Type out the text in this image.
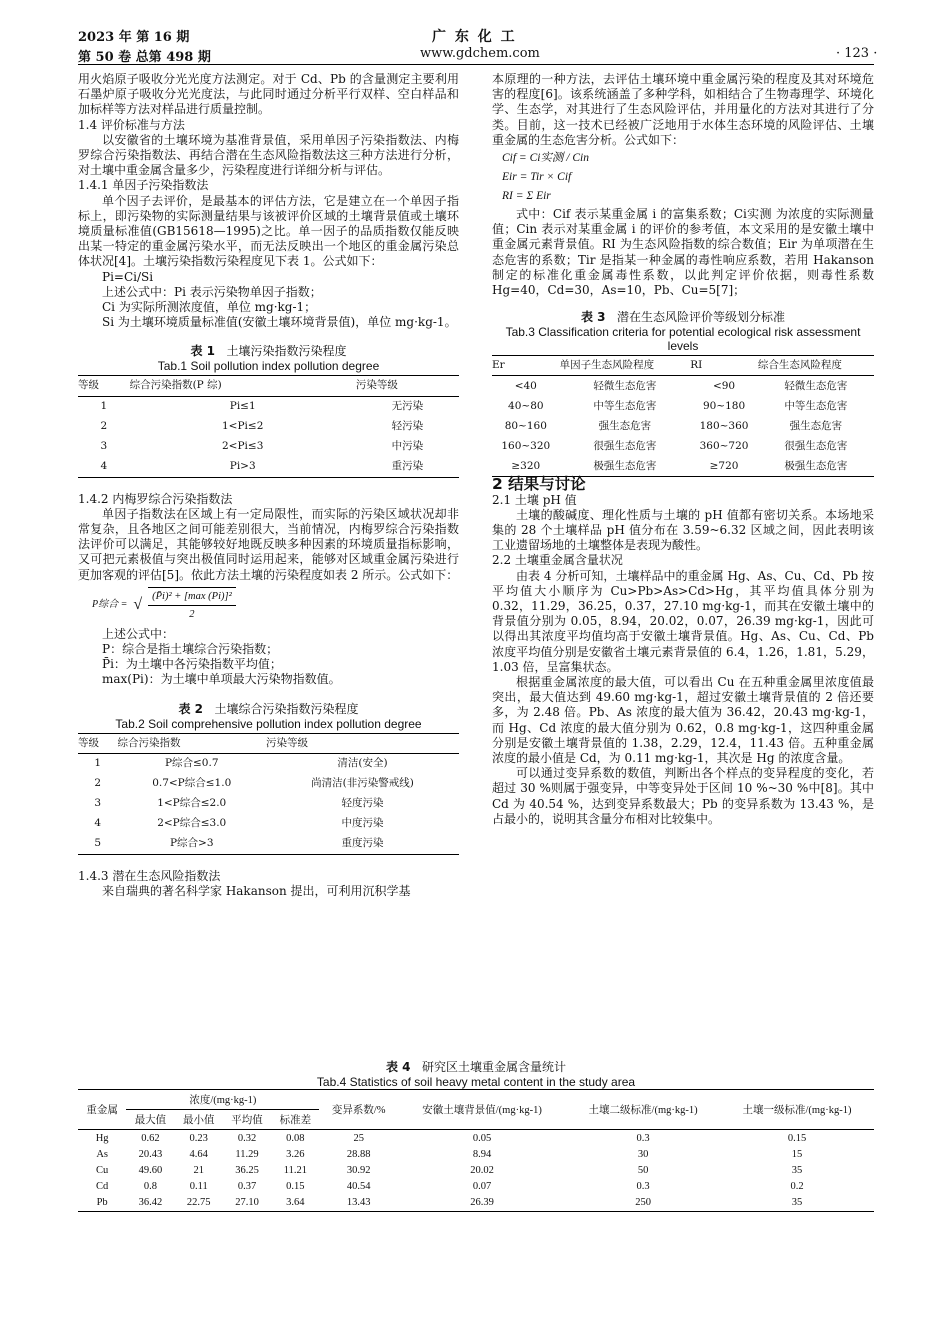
2023 年 第 16 期
第 50 卷 总第 498 期
广 东 化 工
www.gdchem.com	· 123 ·

用火焰原子吸收分光光度方法测定。对于 Cd、Pb 的含量测定主要利用石墨炉原子吸收分光光度法，与此同时通过分析平行双样、空白样品和加标样等方法对样品进行质量控制。

1.4 评价标准与方法

以安徽省的土壤环境为基准背景值，采用单因子污染指数法、内梅罗综合污染指数法、再结合潜在生态风险指数法这三种方法进行分析，对土壤中重金属含量多少，污染程度进行详细分析与评估。

1.4.1 单因子污染指数法

单个因子去评价，是最基本的评估方法，它是建立在一个单因子指标上，即污染物的实际测量结果与该被评价区域的土壤背景值或土壤环境质量标准值(GB15618—1995)之比。单一因子的品质指数仅能反映出某一特定的重金属污染水平，而无法反映出一个地区的重金属污染总体状况[4]。土壤污染指数污染程度见下表 1。公式如下：

Pi=Ci/Si

上述公式中：Pi 表示污染物单因子指数；

Ci 为实际所测浓度值，单位 mg·kg-1；

Si 为土壤环境质量标准值(安徽土壤环境背景值)，单位 mg·kg-1。

表 1 土壤污染指数污染程度
Tab.1 Soil pollution index pollution degree
等级	综合污染指数(P 综)	污染等级
1	Pi≤1	无污染
2	1<Pi≤2	轻污染
3	2<Pi≤3	中污染
4	Pi>3	重污染

1.4.2 内梅罗综合污染指数法

单因子指数法在区域上有一定局限性，而实际的污染区域状况却非常复杂，且各地区之间可能差别很大，当前情况，内梅罗综合污染指数法评价可以满足，其能够较好地既反映多种因素的环境质量指标影响，又可把元素极值与突出极值同时运用起来，能够对区域重金属污染进行更加客观的评估[5]。依此方法土壤的污染程度如表 2 所示。公式如下：

P综合 = √ (P̄i)² + [max (Pi)]²
2

上述公式中：

P：综合是指土壤综合污染指数；

P̄i：为土壤中各污染指数平均值；

max(Pi)：为土壤中单项最大污染物指数值。

表 2 土壤综合污染指数污染程度
Tab.2 Soil comprehensive pollution index pollution degree
等级	综合污染指数	污染等级
1	P综合≤0.7	清洁(安全)
2	0.7<P综合≤1.0	尚清洁(非污染警戒线)
3	1<P综合≤2.0	轻度污染
4	2<P综合≤3.0	中度污染
5	P综合>3	重度污染

1.4.3 潜在生态风险指数法

来自瑞典的著名科学家 Hakanson 提出，可利用沉积学基

本原理的一种方法，去评估土壤环境中重金属污染的程度及其对环境危害的程度[6]。该系统涵盖了多种学科，如相结合了生物毒理学、环境化学、生态学，对其进行了生态风险评估，并用量化的方法对其进行了分类。目前，这一技术已经被广泛地用于水体生态环境的风险评估、土壤重金属的生态危害分析。公式如下：

Cif = Ci实测 / Cin
Eir = Tir × Cif
RI = Σ Eir

式中：Cif 表示某重金属 i 的富集系数；Ci实测 为浓度的实际测量值；Cin 表示对某重金属 i 的评价的参考值，本文采用的是安徽土壤中重金属元素背景值。RI 为生态风险指数的综合数值；Eir 为单项潜在生态危害的系数；Tir 是指某一种金属的毒性响应系数，若用 Hakanson 制定的标准化重金属毒性系数，以此判定评价依据，则毒性系数 Hg=40，Cd=30，As=10，Pb、Cu=5[7]；

表 3 潜在生态风险评价等级划分标准
Tab.3 Classification criteria for potential ecological risk assessment levels
Er	单因子生态风险程度	RI	综合生态风险程度
<40	轻微生态危害	<90	轻微生态危害
40~80	中等生态危害	90~180	中等生态危害
80~160	强生态危害	180~360	强生态危害
160~320	很强生态危害	360~720	很强生态危害
≥320	极强生态危害	≥720	极强生态危害

2 结果与讨论

2.1 土壤 pH 值

土壤的酸碱度、理化性质与土壤的 pH 值都有密切关系。本场地采集的 28 个土壤样品 pH 值分布在 3.59~6.32 区域之间，因此表明该工业遗留场地的土壤整体是表现为酸性。

2.2 土壤重金属含量状况

由表 4 分析可知，土壤样品中的重金属 Hg、As、Cu、Cd、Pb 按平均值大小顺序为 Cu>Pb>As>Cd>Hg，其平均值具体分别为 0.32，11.29，36.25，0.37，27.10 mg·kg-1，而其在安徽土壤中的背景值分别为 0.05，8.94，20.02，0.07，26.39 mg·kg-1，因此可以得出其浓度平均值均高于安徽土壤背景值。Hg、As、Cu、Cd、Pb 浓度平均值分别是安徽省土壤元素背景值的 6.4，1.26，1.81，5.29，1.03 倍，呈富集状态。

根据重金属浓度的最大值，可以看出 Cu 在五种重金属里浓度值最突出，最大值达到 49.60 mg·kg-1，超过安徽土壤背景值的 2 倍还要多，为 2.48 倍。Pb、As 浓度的最大值为 36.42，20.43 mg·kg-1，而 Hg、Cd 浓度的最大值分别为 0.62，0.8 mg·kg-1，这四种重金属分别是安徽土壤背景值的 1.38，2.29，12.4，11.43 倍。五种重金属浓度的最小值是 Cd，为 0.11 mg·kg-1，其次是 Hg 的浓度含量。

可以通过变异系数的数值，判断出各个样点的变异程度的变化，若超过 30 %则属于强变异，中等变异处于区间 10 %~30 %中[8]。其中 Cd 为 40.54 %，达到变异系数最大；Pb 的变异系数为 13.43 %，是占最小的，说明其含量分布相对比较集中。

表 4 研究区土壤重金属含量统计
Tab.4 Statistics of soil heavy metal content in the study area
重金属	浓度/(mg·kg-1)				变异系数/%	安徽土壤背景值/(mg·kg-1)	土壤二级标准/(mg·kg-1)	土壤一级标准/(mg·kg-1)
	最大值	最小值	平均值	标准差				
Hg	0.62	0.23	0.32	0.08	25	0.05	0.3	0.15
As	20.43	4.64	11.29	3.26	28.88	8.94	30	15
Cu	49.60	21	36.25	11.21	30.92	20.02	50	35
Cd	0.8	0.11	0.37	0.15	40.54	0.07	0.3	0.2
Pb	36.42	22.75	27.10	3.64	13.43	26.39	250	35
